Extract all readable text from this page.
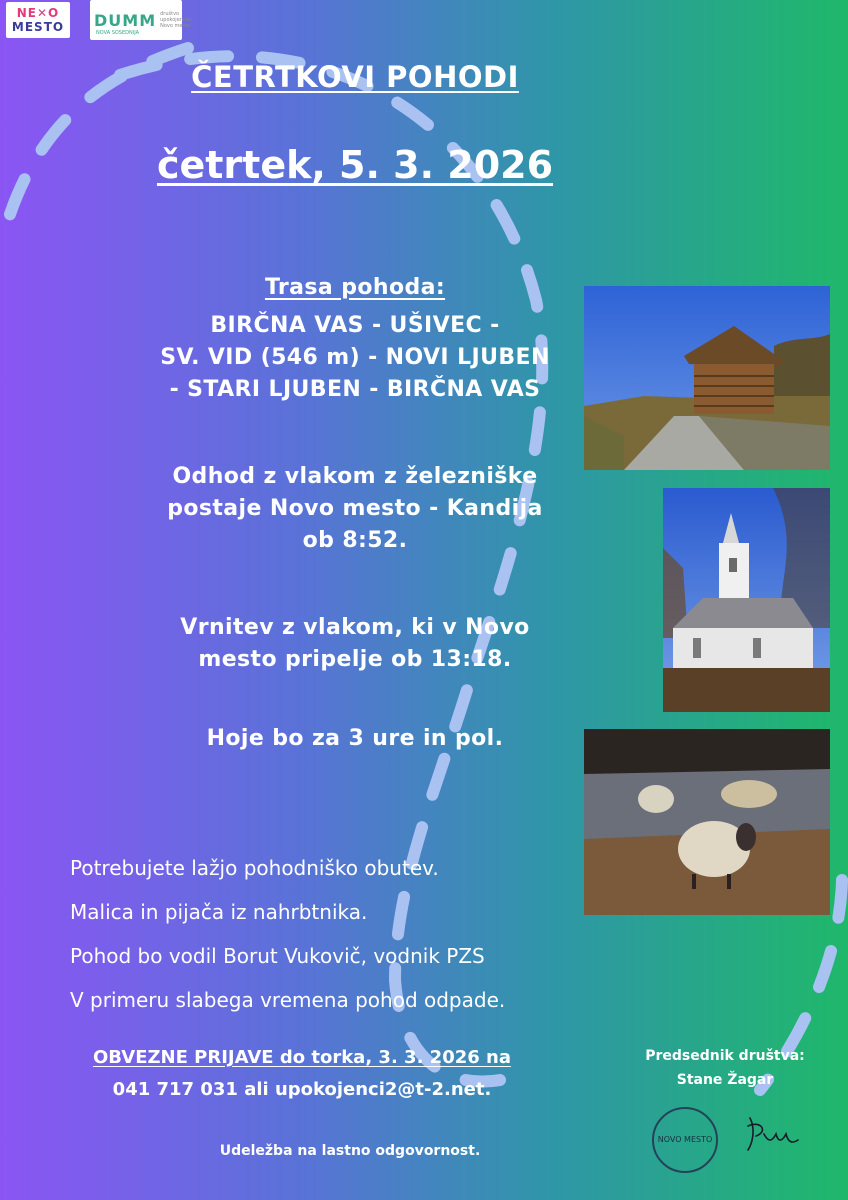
NE✕O
MESTO DUMM društvo upokojencev Novo mesto
NOVA SOSEDNIJA
ČETRTKOVI POHODI
četrtek, 5. 3. 2026
Trasa pohoda:
BIRČNA VAS - UŠIVEC -
SV. VID (546 m) - NOVI LJUBEN
- STARI LJUBEN - BIRČNA VAS
Odhod z vlakom z železniške
postaje Novo mesto - Kandija
ob 8:52.
Vrnitev z vlakom, ki v Novo
mesto pripelje ob 13:18.
Hoje bo za 3 ure in pol.
Potrebujete lažjo pohodniško obutev.
Malica in pijača iz nahrbtnika.
Pohod bo vodil Borut Vukovič, vodnik PZS
V primeru slabega vremena pohod odpade.
OBVEZNE PRIJAVE do torka, 3. 3. 2026 na
041 717 031 ali upokojenci2@t-2.net.
Udeležba na lastno odgovornost.
Predsednik društva:
Stane Žagar
NOVO MESTO
